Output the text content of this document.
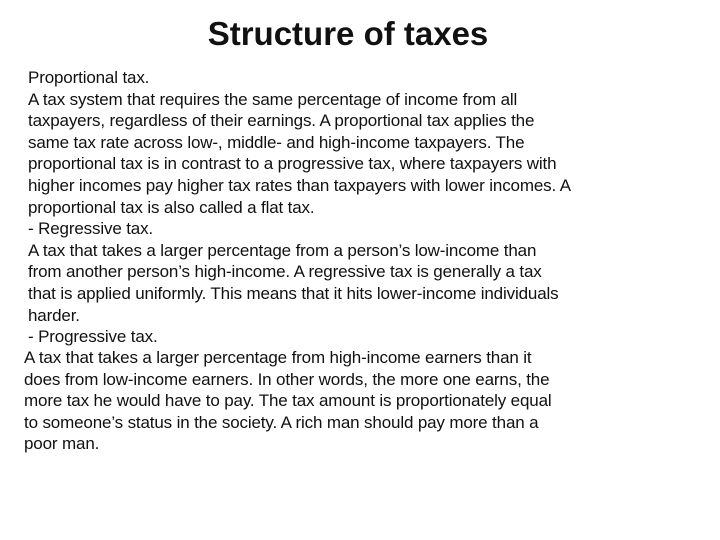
Structure of taxes
Proportional tax.
A tax system that requires the same percentage of income from all
taxpayers, regardless of their earnings. A proportional tax applies the
same tax rate across low-, middle- and high-income taxpayers. The
proportional tax is in contrast to a progressive tax, where taxpayers with
higher incomes pay higher tax rates than taxpayers with lower incomes. A
proportional tax is also called a flat tax.
- Regressive tax.
A tax that takes a larger percentage from a person’s low-income than
from another person’s high-income. A regressive tax is generally a tax
that is applied uniformly. This means that it hits lower-income individuals
harder.
- Progressive tax.
A tax that takes a larger percentage from high-income earners than it
does from low-income earners. In other words, the more one earns, the
more tax he would have to pay. The tax amount is proportionately equal
to someone’s status in the society. A rich man should pay more than a
poor man.
